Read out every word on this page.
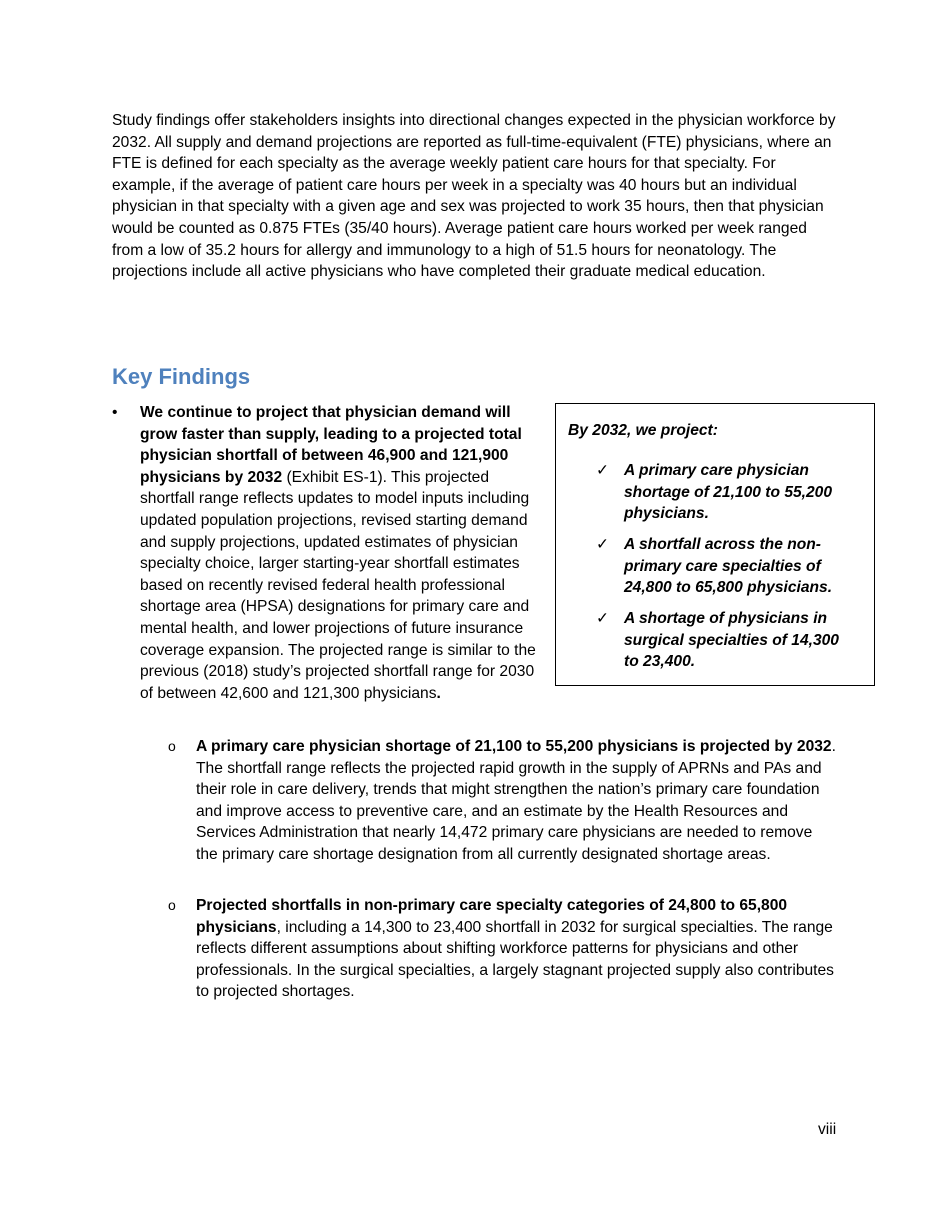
Study findings offer stakeholders insights into directional changes expected in the physician workforce by 2032. All supply and demand projections are reported as full-time-equivalent (FTE) physicians, where an FTE is defined for each specialty as the average weekly patient care hours for that specialty. For example, if the average of patient care hours per week in a specialty was 40 hours but an individual physician in that specialty with a given age and sex was projected to work 35 hours, then that physician would be counted as 0.875 FTEs (35/40 hours). Average patient care hours worked per week ranged from a low of 35.2 hours for allergy and immunology to a high of 51.5 hours for neonatology. The projections include all active physicians who have completed their graduate medical education.

Key Findings
•	We continue to project that physician demand will grow faster than supply, leading to a projected total physician shortfall of between 46,900 and 121,900 physicians by 2032 (Exhibit ES-1). This projected shortfall range reflects updates to model inputs including updated population projections, revised starting demand and supply projections, updated estimates of physician specialty choice, larger starting-year shortfall estimates based on recently revised federal health professional shortage area (HPSA) designations for primary care and mental health, and lower projections of future insurance coverage expansion. The projected range is similar to the previous (2018) study’s projected shortfall range for 2030 of between 42,600 and 121,300 physicians.

By 2032, we project:

✓ A primary care physician shortage of 21,100 to 55,200 physicians.
✓ A shortfall across the non-primary care specialties of 24,800 to 65,800 physicians.
✓ A shortage of physicians in surgical specialties of 14,300 to 23,400.
o A primary care physician shortage of 21,100 to 55,200 physicians is projected by 2032. The shortfall range reflects the projected rapid growth in the supply of APRNs and PAs and their role in care delivery, trends that might strengthen the nation’s primary care foundation and improve access to preventive care, and an estimate by the Health Resources and Services Administration that nearly 14,472 primary care physicians are needed to remove the primary care shortage designation from all currently designated shortage areas.
o Projected shortfalls in non-primary care specialty categories of 24,800 to 65,800 physicians, including a 14,300 to 23,400 shortfall in 2032 for surgical specialties. The range reflects different assumptions about shifting workforce patterns for physicians and other professionals. In the surgical specialties, a largely stagnant projected supply also contributes to projected shortages.

viii
